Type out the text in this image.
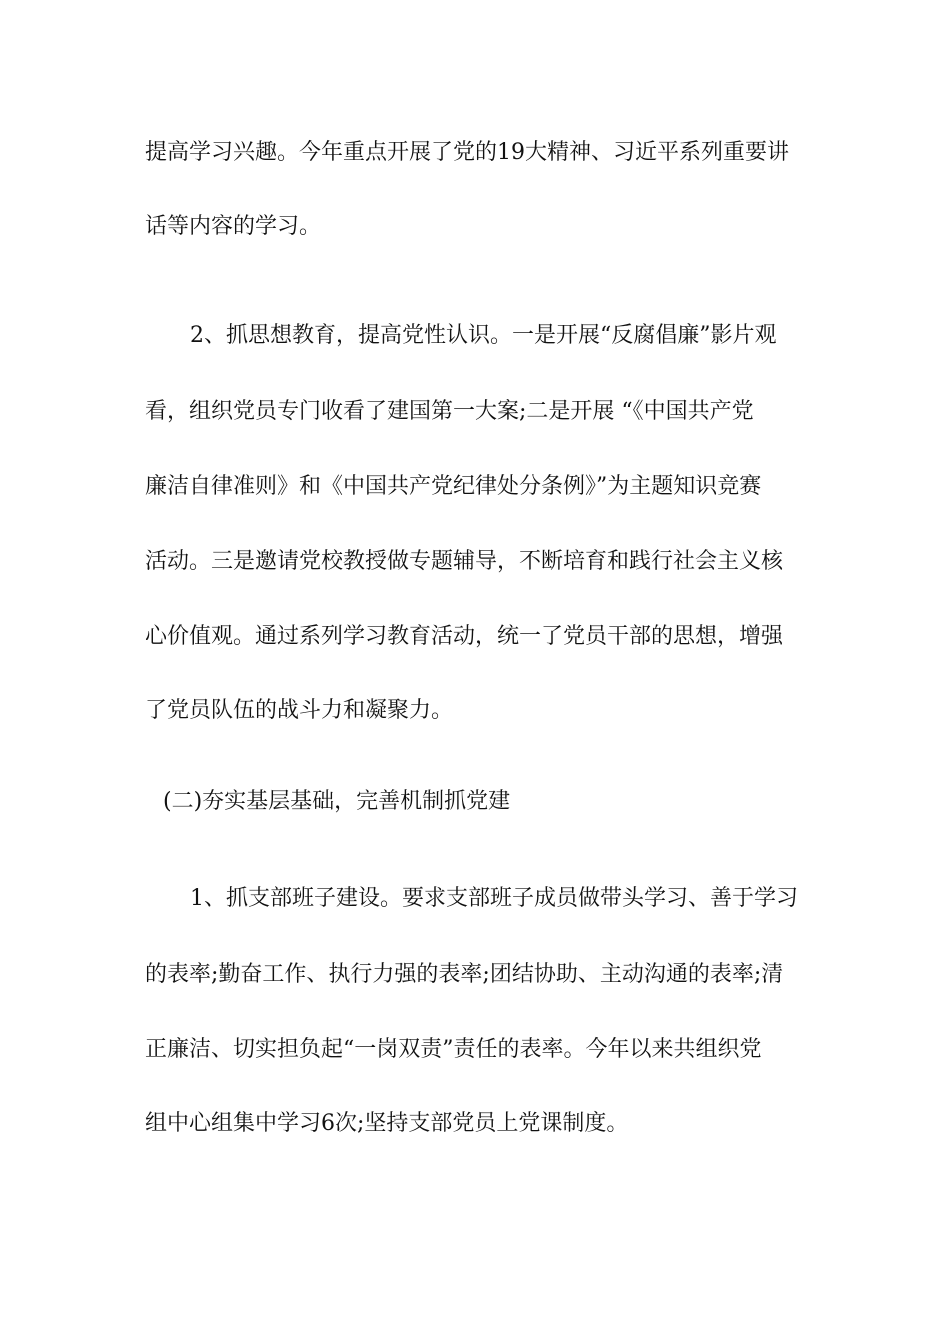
提高学习兴趣。今年重点开展了党的19大精神、习近平系列重要讲
话等内容的学习。
2、抓思想教育，提高党性认识。一是开展“反腐倡廉”影片观
看，组织党员专门收看了建国第一大案;二是开展 “《中国共产党
廉洁自律准则》和《中国共产党纪律处分条例》”为主题知识竞赛
活动。三是邀请党校教授做专题辅导，不断培育和践行社会主义核
心价值观。通过系列学习教育活动，统一了党员干部的思想，增强
了党员队伍的战斗力和凝聚力。
(二)夯实基层基础，完善机制抓党建
1、抓支部班子建设。要求支部班子成员做带头学习、善于学习
的表率;勤奋工作、执行力强的表率;团结协助、主动沟通的表率;清
正廉洁、切实担负起“一岗双责”责任的表率。今年以来共组织党
组中心组集中学习6次;坚持支部党员上党课制度。
